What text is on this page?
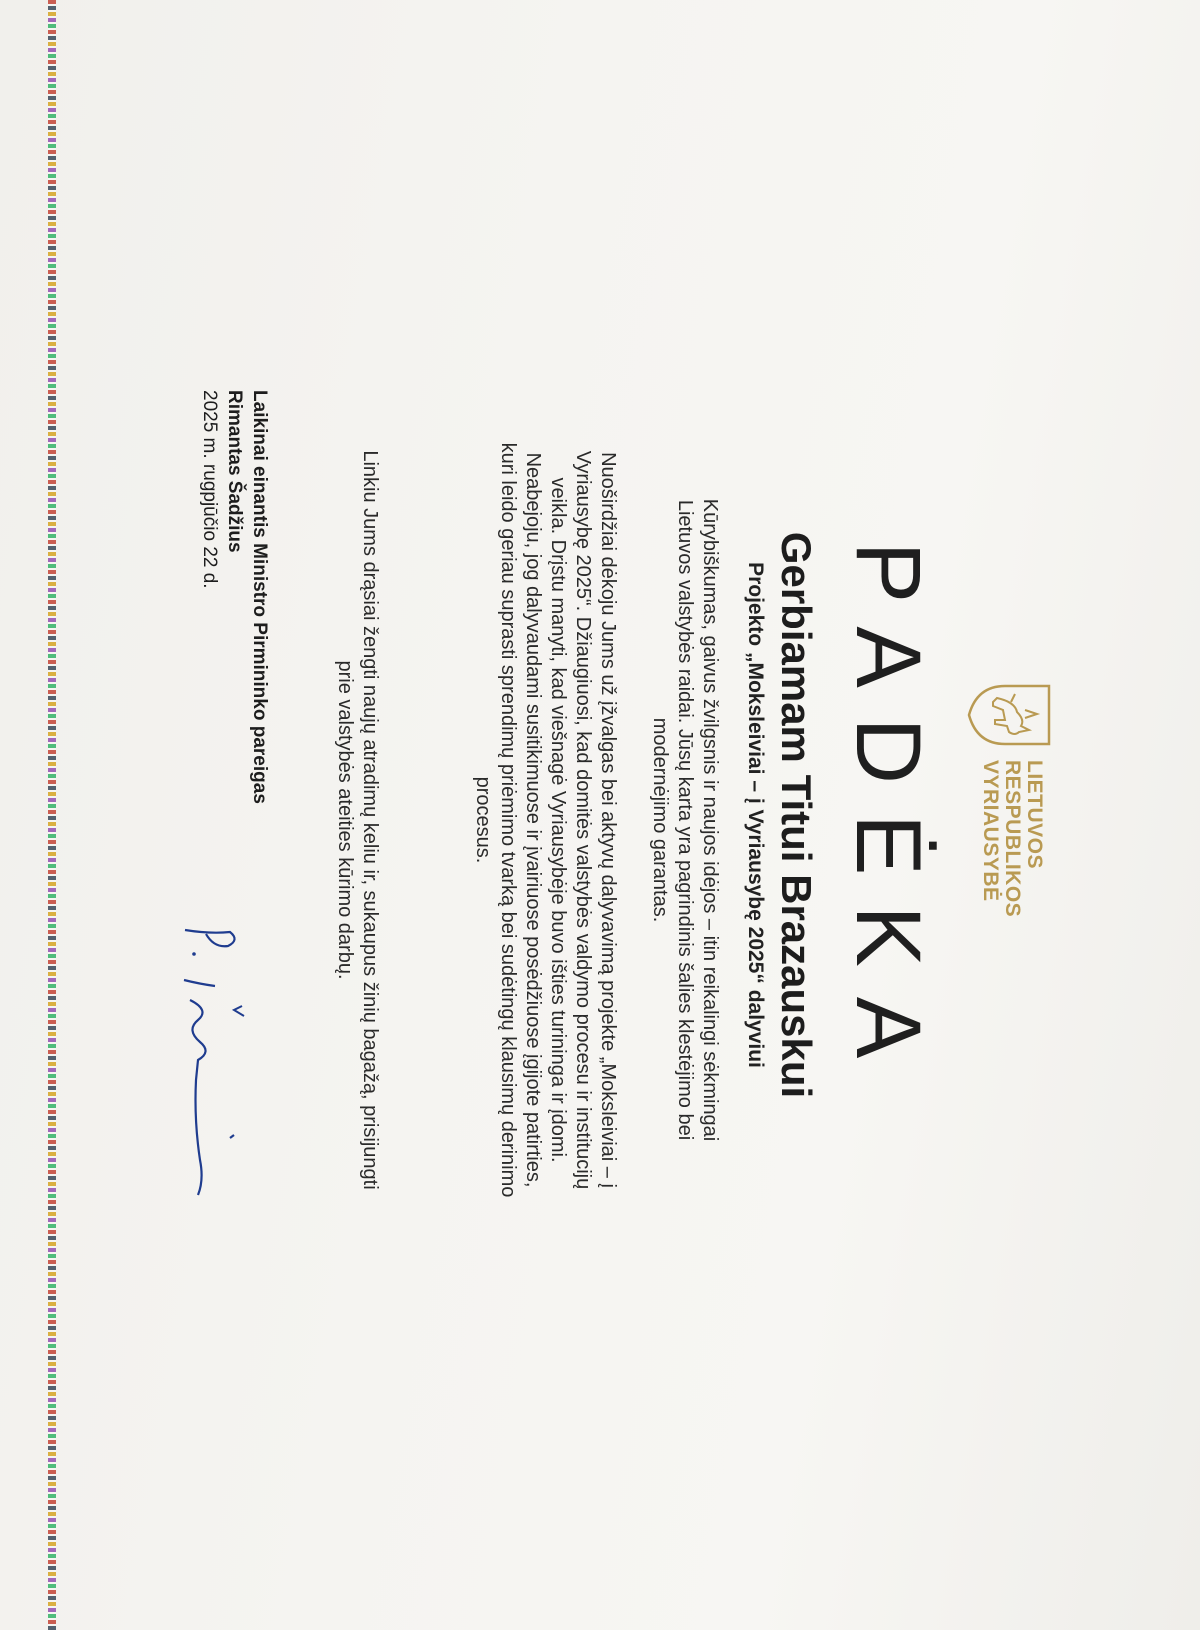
LIETUVOS
RESPUBLIKOS
VYRIAUSYBĖ
PADĖKA
Gerbiamam Titui Brazauskui
Projekto „Moksleiviai – į Vyriausybę 2025“ dalyviui
Kūrybiškumas, gaivus žvilgsnis ir naujos idėjos – itin reikalingi sėkmingai Lietuvos valstybės raidai. Jūsų karta yra pagrindinis šalies klestėjimo bei modernėjimo garantas.
Nuoširdžiai dėkoju Jums už įžvalgas bei aktyvų dalyvavimą projekte „Moksleiviai – į Vyriausybę 2025“. Džiaugiuosi, kad domitės valstybės valdymo procesu ir institucijų veikla. Drįstu manyti, kad viešnagė Vyriausybėje buvo išties turininga ir įdomi. Neabejoju, jog dalyvaudami susitikimuose ir įvairiuose posėdžiuose įgijote patirties, kuri leido geriau suprasti sprendimų priėmimo tvarką bei sudėtingų klausimų derinimo procesus.
Linkiu Jums drąsiai žengti naujų atradimų keliu ir, sukaupus žinių bagažą, prisijungti prie valstybės ateities kūrimo darbų.
Laikinai einantis Ministro Pirmininko pareigas
Rimantas Šadžius
2025 m. rugpjūčio 22 d.
